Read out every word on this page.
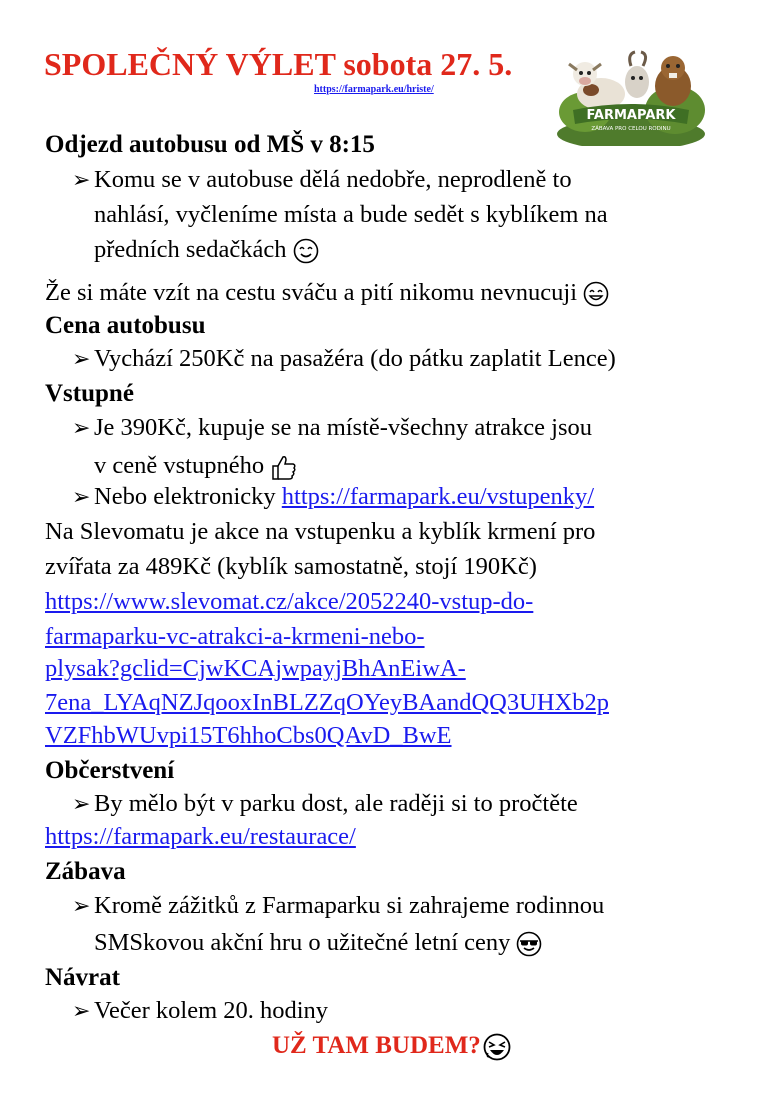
SPOLEČNÝ VÝLET sobota 27. 5.
https://farmapark.eu/hriste/
FARMAPARK
ZÁBAVA PRO CELOU RODINU
Odjezd autobusu od MŠ v 8:15
➢ Komu se v autobuse dělá nedobře, neprodleně to
nahlásí, vyčleníme místa a bude sedět s kyblíkem na
předních sedačkách
Že si máte vzít na cestu sváču a pití nikomu nevnucuji
Cena autobusu
➢ Vychází 250Kč na pasažéra (do pátku zaplatit Lence)
Vstupné
➢ Je 390Kč, kupuje se na místě-všechny atrakce jsou
v ceně vstupného
➢ Nebo elektronicky https://farmapark.eu/vstupenky/
Na Slevomatu je akce na vstupenku a kyblík krmení pro
zvířata za 489Kč (kyblík samostatně, stojí 190Kč)
https://www.slevomat.cz/akce/2052240-vstup-do-
farmaparku-vc-atrakci-a-krmeni-nebo-
plysak?gclid=CjwKCAjwpayjBhAnEiwA-
7ena_LYAqNZJqooxInBLZZqOYeyBAandQQ3UHXb2p
VZFhbWUvpi15T6hhoCbs0QAvD_BwE
Občerstvení
➢ By mělo být v parku dost, ale raději si to pročtěte
https://farmapark.eu/restaurace/
Zábava
➢ Kromě zážitků z Farmaparku si zahrajeme rodinnou
SMSkovou akční hru o užitečné letní ceny
Návrat
➢ Večer kolem 20. hodiny
UŽ TAM BUDEM?
